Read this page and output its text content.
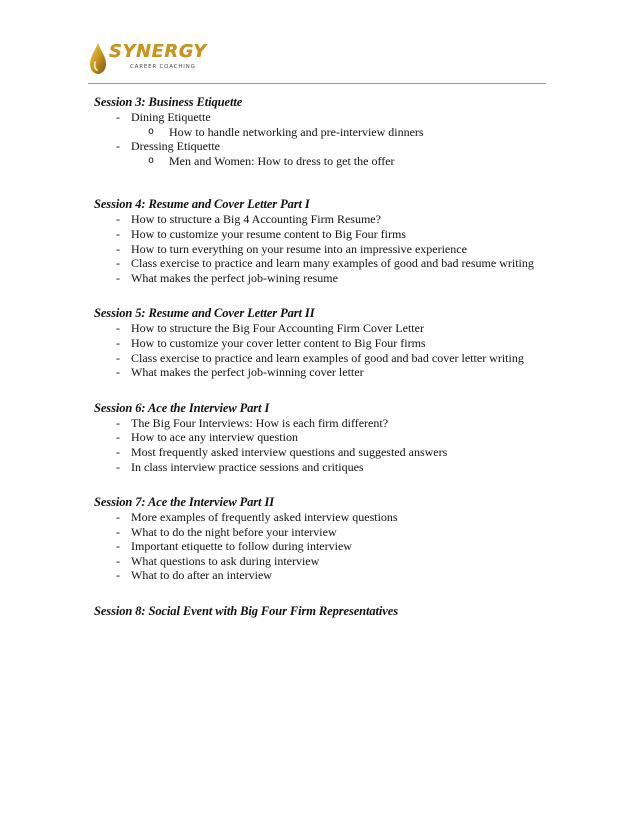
SYNERGY
CAREER COACHING
Session 3: Business Etiquette
- Dining Etiquette
o How to handle networking and pre-interview dinners
- Dressing Etiquette
o Men and Women: How to dress to get the offer
Session 4: Resume and Cover Letter Part I
- How to structure a Big 4 Accounting Firm Resume?
- How to customize your resume content to Big Four firms
- How to turn everything on your resume into an impressive experience
- Class exercise to practice and learn many examples of good and bad resume writing
- What makes the perfect job-wining resume
Session 5: Resume and Cover Letter Part II
- How to structure the Big Four Accounting Firm Cover Letter
- How to customize your cover letter content to Big Four firms
- Class exercise to practice and learn examples of good and bad cover letter writing
- What makes the perfect job-winning cover letter
Session 6: Ace the Interview Part I
- The Big Four Interviews: How is each firm different?
- How to ace any interview question
- Most frequently asked interview questions and suggested answers
- In class interview practice sessions and critiques
Session 7: Ace the Interview Part II
- More examples of frequently asked interview questions
- What to do the night before your interview
- Important etiquette to follow during interview
- What questions to ask during interview
- What to do after an interview
Session 8: Social Event with Big Four Firm Representatives
